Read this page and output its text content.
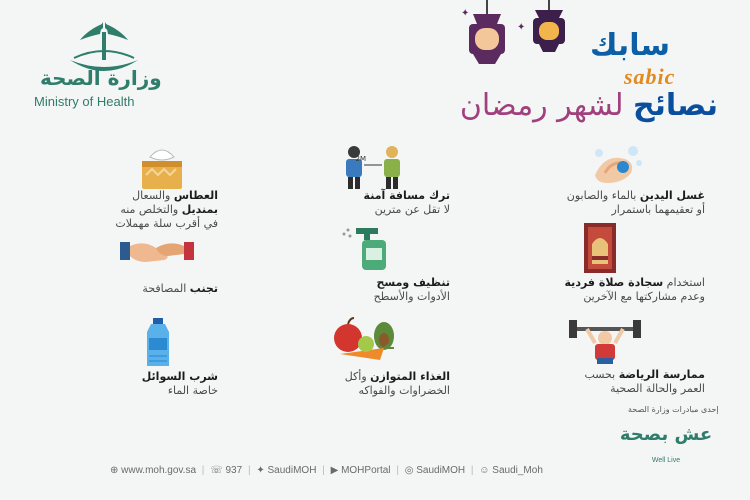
وزارة الصحة
Ministry of Health
✦
✦
سابك
sabic
نصائح لشهر رمضان
غسل اليدين بالماء والصابون
أو تعقيمهما باستمرار
2M
ترك مسافة آمنة
لا تقل عن مترين
العطاس والسعال
بمنديل والتخلص منه
في أقرب سلة مهملات
استخدام سجادة صلاة فردية
وعدم مشاركتها مع الآخرين
تنظيف ومسح
الأدوات والأسطح
تجنب المصافحة
ممارسة الرياضة بحسب
العمر والحالة الصحية
الغذاء المتوازن وأكل
الخضراوات والفواكه
شرب السوائل
خاصة الماء
إحدى مبادرات وزارة الصحة
عش بصحة
Well Live
⊕ www.moh.gov.sa | ☏ 937 | ✦ SaudiMOH | ▶ MOHPortal | ◎ SaudiMOH | ☺ Saudi_Moh
